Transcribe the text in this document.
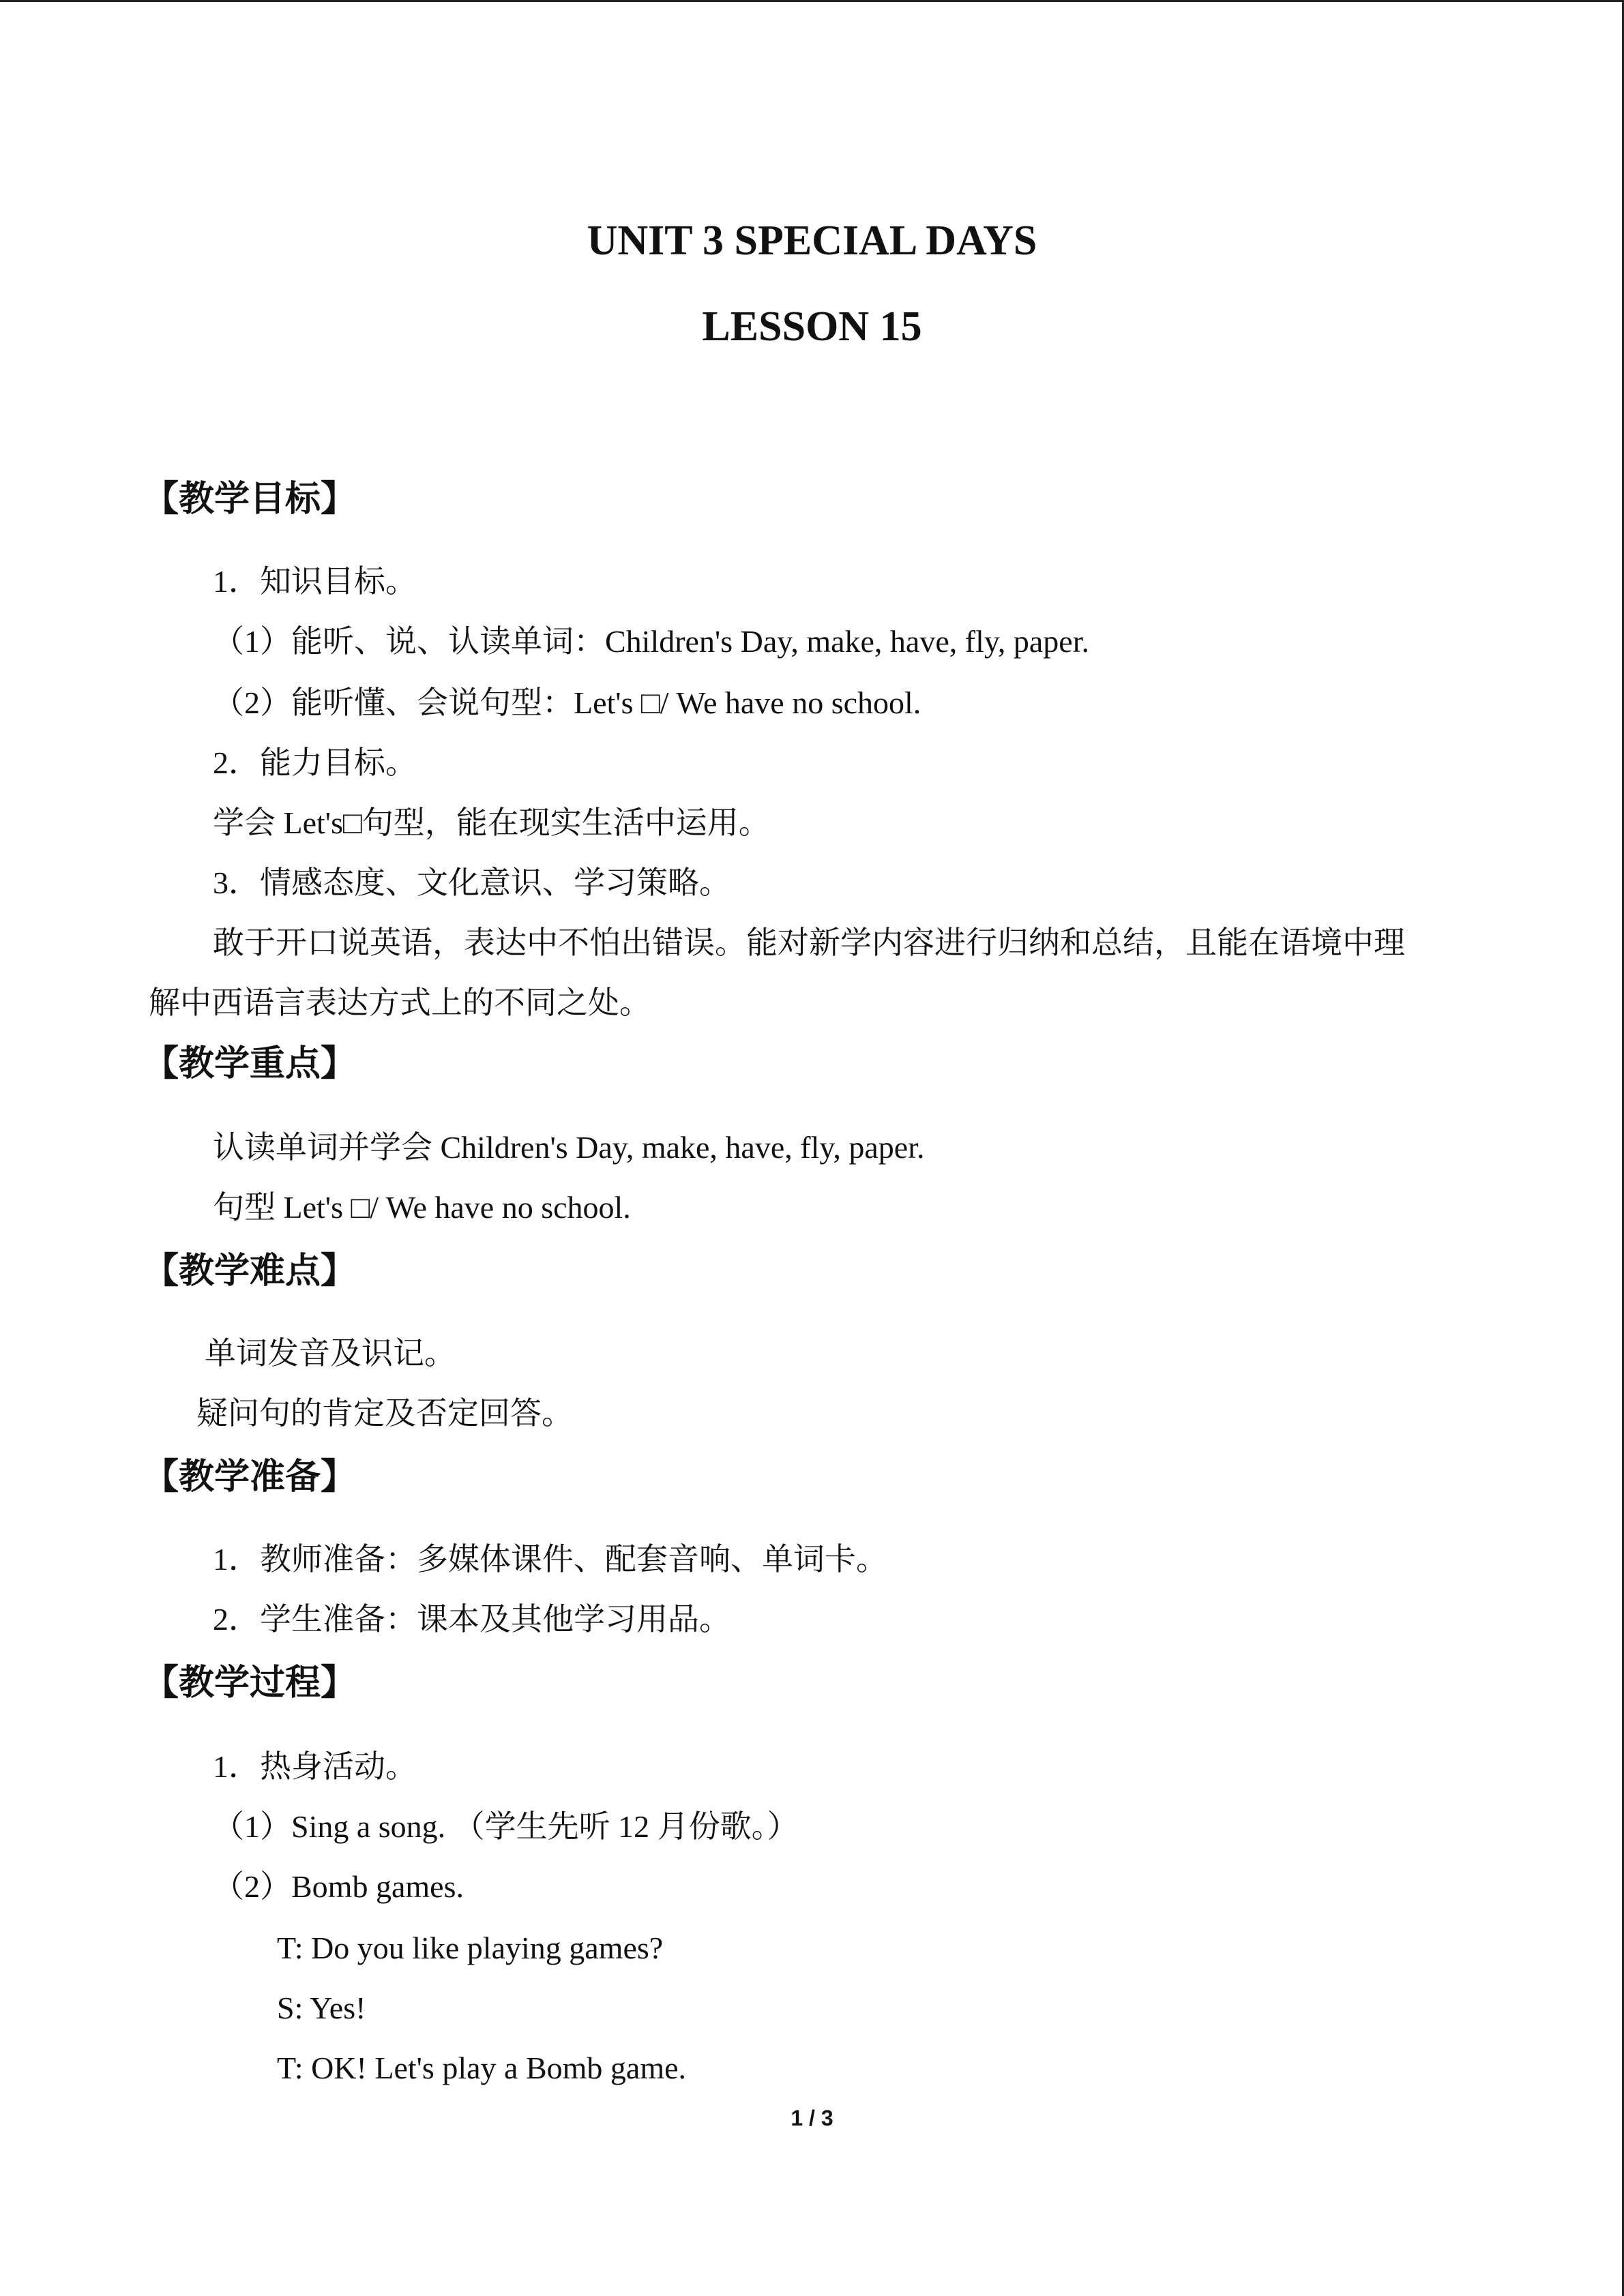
UNIT 3 SPECIAL DAYS
LESSON 15
【教学目标】
1．知识目标。
（1）能听、说、认读单词：Children's Day, make, have, fly, paper.
（2）能听懂、会说句型：Let's □/ We have no school.
2．能力目标。
学会 Let's□句型，能在现实生活中运用。
3．情感态度、文化意识、学习策略。
敢于开口说英语，表达中不怕出错误。能对新学内容进行归纳和总结，且能在语境中理
解中西语言表达方式上的不同之处。
【教学重点】
认读单词并学会 Children's Day, make, have, fly, paper.
句型 Let's □/ We have no school.
【教学难点】
单词发音及识记。
疑问句的肯定及否定回答。
【教学准备】
1．教师准备：多媒体课件、配套音响、单词卡。
2．学生准备：课本及其他学习用品。
【教学过程】
1．热身活动。
（1）Sing a song. （学生先听 12 月份歌。）
（2）Bomb games.
T: Do you like playing games?
S: Yes!
T: OK! Let's play a Bomb game.
1 / 3
